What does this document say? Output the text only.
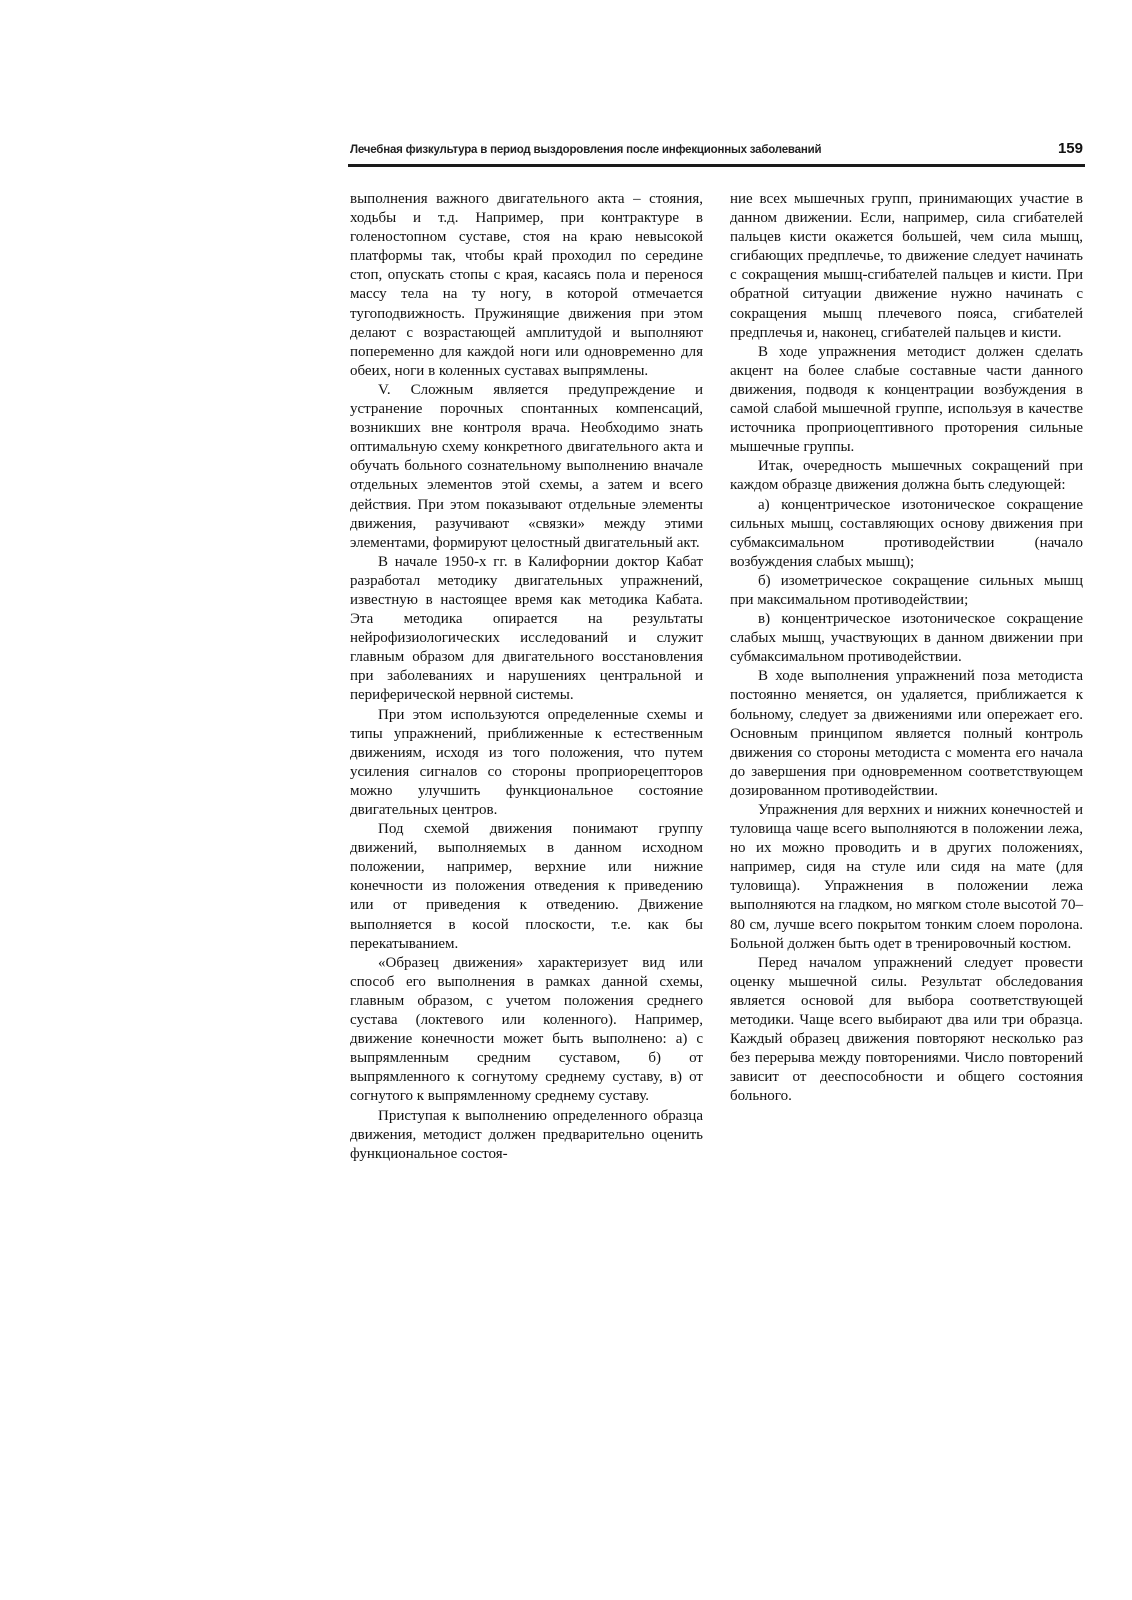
Лечебная физкультура в период выздоровления после инфекционных заболеваний	159

выполнения важного двигательного акта – стояния, ходьбы и т.д. Например, при контрактуре в голеностопном суставе, стоя на краю невысокой платформы так, чтобы край проходил по середине стоп, опускать стопы с края, касаясь пола и перенося массу тела на ту ногу, в которой отмечается тугоподвижность. Пружинящие движения при этом делают с возрастающей амплитудой и выполняют попеременно для каждой ноги или одновременно для обеих, ноги в коленных суставах выпрямлены.

V. Сложным является предупреждение и устранение порочных спонтанных компенсаций, возникших вне контроля врача. Необходимо знать оптимальную схему конкретного двигательного акта и обучать больного сознательному выполнению вначале отдельных элементов этой схемы, а затем и всего действия. При этом показывают отдельные элементы движения, разучивают «связки» между этими элементами, формируют целостный двигательный акт.

В начале 1950-х гг. в Калифорнии доктор Кабат разработал методику двигательных упражнений, известную в настоящее время как методика Кабата. Эта методика опирается на результаты нейрофизиологических исследований и служит главным образом для двигательного восстановления при заболеваниях и нарушениях центральной и периферической нервной системы.

При этом используются определенные схемы и типы упражнений, приближенные к естественным движениям, исходя из того положения, что путем усиления сигналов со стороны проприорецепторов можно улучшить функциональное состояние двигательных центров.

Под схемой движения понимают группу движений, выполняемых в данном исходном положении, например, верхние или нижние конечности из положения отведения к приведению или от приведения к отведению. Движение выполняется в косой плоскости, т.е. как бы перекатыванием.

«Образец движения» характеризует вид или способ его выполнения в рамках данной схемы, главным образом, с учетом положения среднего сустава (локтевого или коленного). Например, движение конечности может быть выполнено: а) с выпрямленным средним суставом, б) от выпрямленного к согнутому среднему суставу, в) от согнутого к выпрямленному среднему суставу.

Приступая к выполнению определенного образца движения, методист должен предварительно оценить функциональное состоя-

ние всех мышечных групп, принимающих участие в данном движении. Если, например, сила сгибателей пальцев кисти окажется большей, чем сила мышц, сгибающих предплечье, то движение следует начинать с сокращения мышц-сгибателей пальцев и кисти. При обратной ситуации движение нужно начинать с сокращения мышц плечевого пояса, сгибателей предплечья и, наконец, сгибателей пальцев и кисти.

В ходе упражнения методист должен сделать акцент на более слабые составные части данного движения, подводя к концентрации возбуждения в самой слабой мышечной группе, используя в качестве источника проприоцептивного проторения сильные мышечные группы.

Итак, очередность мышечных сокращений при каждом образце движения должна быть следующей:

а) концентрическое изотоническое сокращение сильных мышц, составляющих основу движения при субмаксимальном противодействии (начало возбуждения слабых мышц);

б) изометрическое сокращение сильных мышц при максимальном противодействии;

в) концентрическое изотоническое сокращение слабых мышц, участвующих в данном движении при субмаксимальном противодействии.

В ходе выполнения упражнений поза методиста постоянно меняется, он удаляется, приближается к больному, следует за движениями или опережает его. Основным принципом является полный контроль движения со стороны методиста с момента его начала до завершения при одновременном соответствующем дозированном противодействии.

Упражнения для верхних и нижних конечностей и туловища чаще всего выполняются в положении лежа, но их можно проводить и в других положениях, например, сидя на стуле или сидя на мате (для туловища). Упражнения в положении лежа выполняются на гладком, но мягком столе высотой 70–80 см, лучше всего покрытом тонким слоем поролона. Больной должен быть одет в тренировочный костюм.

Перед началом упражнений следует провести оценку мышечной силы. Результат обследования является основой для выбора соответствующей методики. Чаще всего выбирают два или три образца. Каждый образец движения повторяют несколько раз без перерыва между повторениями. Число повторений зависит от дееспособности и общего состояния больного.
